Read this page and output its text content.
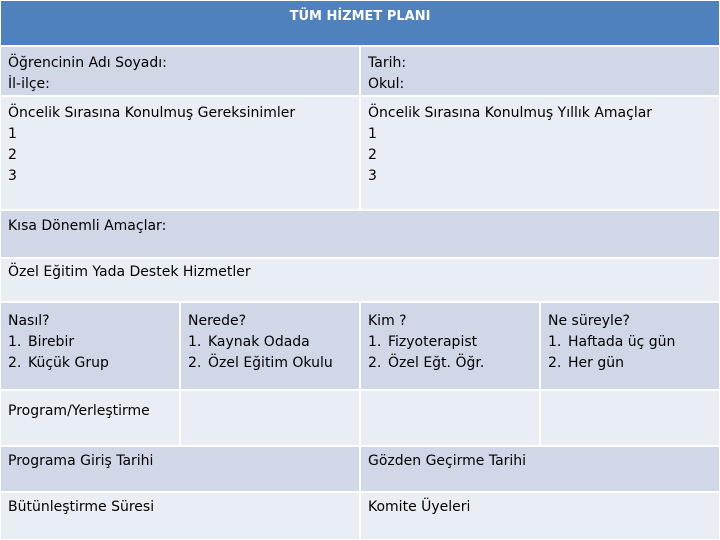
TÜM HİZMET PLANI
Öğrencinin Adı Soyadı:
İl-ilçe:
Tarih:
Okul:
Öncelik Sırasına Konulmuş Gereksinimler
1
2
3
Öncelik Sırasına Konulmuş Yıllık Amaçlar
1
2
3
Kısa Dönemli Amaçlar:
Özel Eğitim Yada Destek Hizmetler
Nasıl?
1. Birebir
2. Küçük Grup
Nerede?
1. Kaynak Odada
2. Özel Eğitim Okulu
Kim ?
1. Fizyoterapist
2. Özel Eğt. Öğr.
Ne süreyle?
1. Haftada üç gün
2. Her gün
Program/Yerleştirme
Programa Giriş Tarihi	Gözden Geçirme Tarihi
Bütünleştirme Süresi	Komite Üyeleri
